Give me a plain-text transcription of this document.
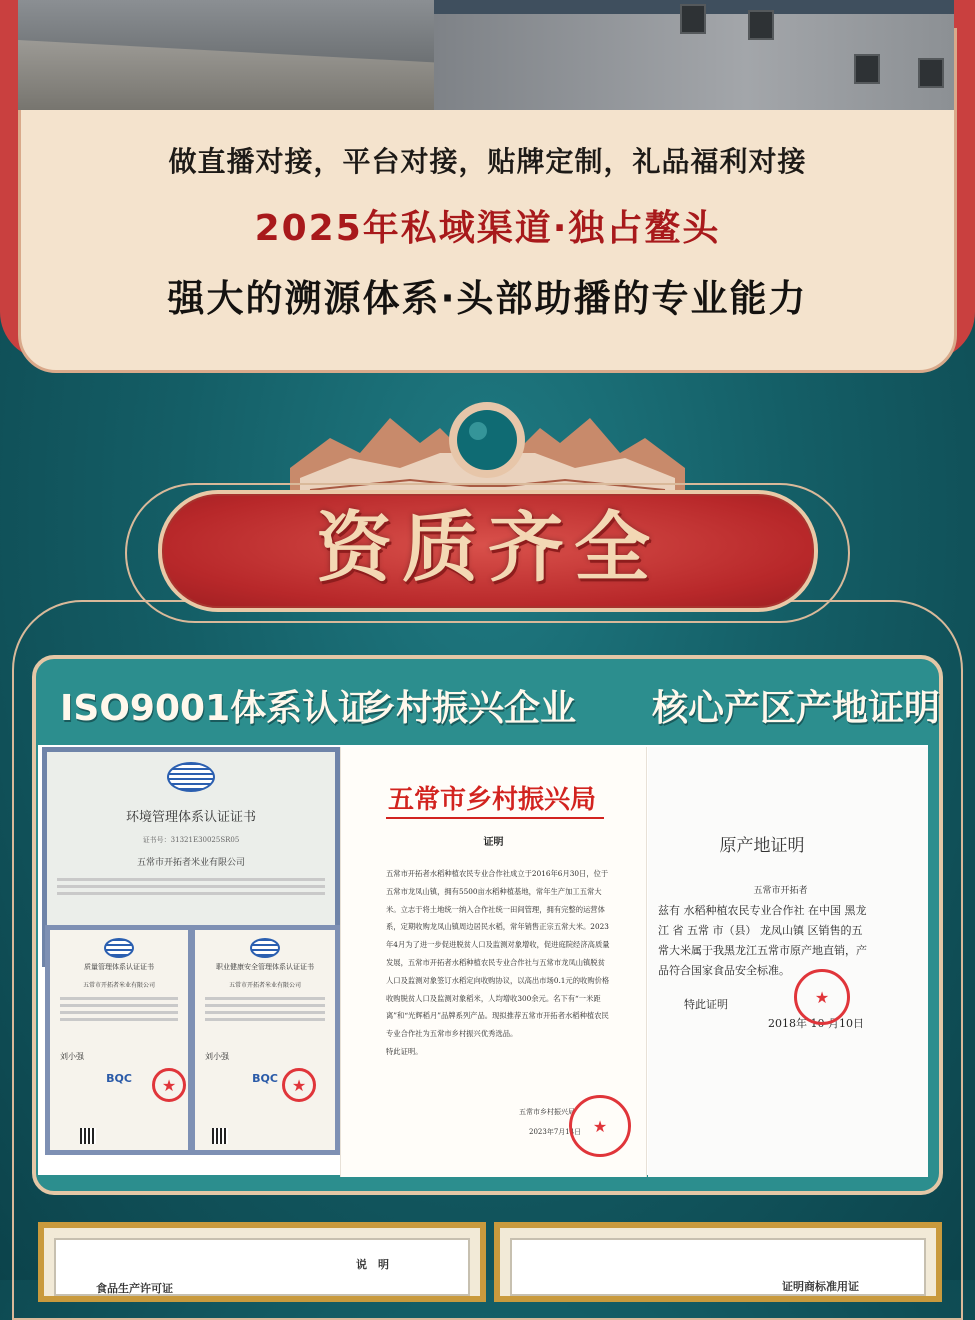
做直播对接，平台对接，贴牌定制，礼品福利对接
2025年私域渠道·独占鳌头
强大的溯源体系·头部助播的专业能力
资质齐全
ISO9001体系认证
乡村振兴企业 核心产区产地证明
环境管理体系认证证书
证书号：31321E30025SR05
五常市开拓者米业有限公司
质量管理体系认证证书
五常市开拓者米业有限公司
刘小强
BQC	★
职业健康安全管理体系认证证书
五常市开拓者米业有限公司
刘小强
BQC ★
五常市乡村振兴局
证明
五常市开拓者水稻种植农民专业合作社成立于2016年6月30日，位于五常市龙凤山镇，拥有5500亩水稻种植基地，常年生产加工五常大米。立志于将土地统一纳入合作社统一田间管理，拥有完整的运营体系，定期收购龙凤山镇周边居民水稻，常年销售正宗五常大米。2023年4月为了进一步促进脱贫人口及监测对象增收，促进庭院经济高质量发展，五常市开拓者水稻种植农民专业合作社与五常市龙凤山镇脱贫人口及监测对象签订水稻定向收购协议，以高出市场0.1元的收购价格收购脱贫人口及监测对象稻米，人均增收300余元。名下有“一米距离”和“光辉稻月”品牌系列产品。现拟推荐五常市开拓者水稻种植农民专业合作社为五常市乡村振兴优秀选品。
特此证明。
五常市乡村振兴局
2023年7月14日 ★
原产地证明
五常市开拓者
兹有 水稻种植农民专业合作社 在中国 黑龙江 省 五常 市（县） 龙凤山镇 区销售的五常大米属于我黑龙江五常市原产地直销，产品符合国家食品安全标准。
特此证明
2018年 10 月10日
★
食品生产许可证
说　明
证明商标准用证
